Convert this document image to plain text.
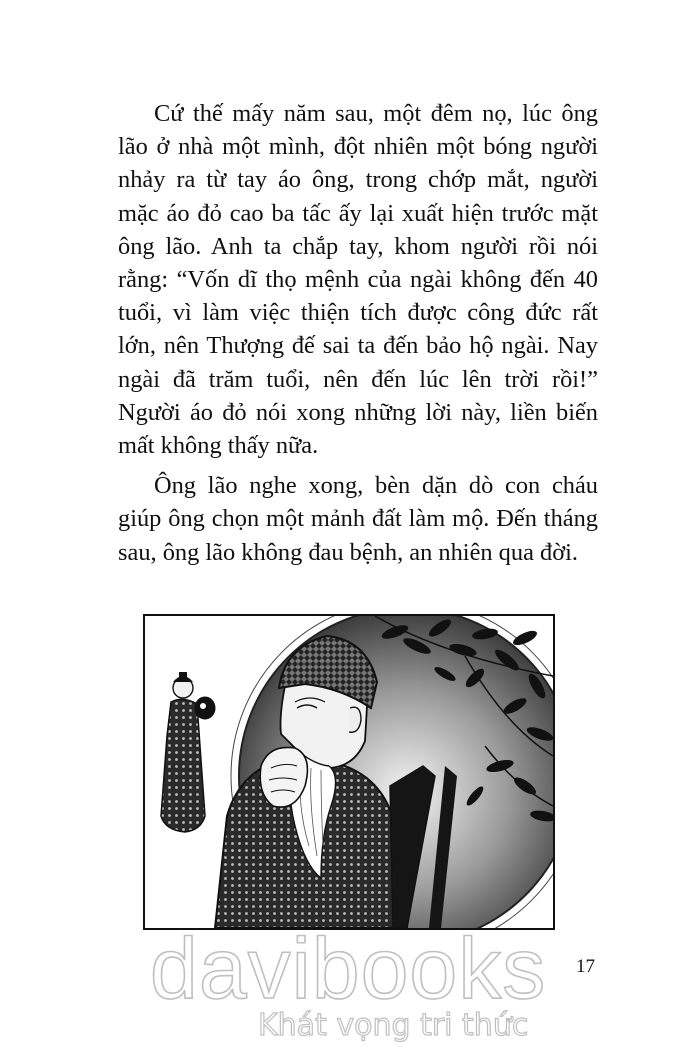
Cứ thế mấy năm sau, một đêm nọ, lúc ông lão ở nhà một mình, đột nhiên một bóng người nhảy ra từ tay áo ông, trong chớp mắt, người mặc áo đỏ cao ba tấc ấy lại xuất hiện trước mặt ông lão. Anh ta chắp tay, khom người rồi nói rằng: “Vốn dĩ thọ mệnh của ngài không đến 40 tuổi, vì làm việc thiện tích được công đức rất lớn, nên Thượng đế sai ta đến bảo hộ ngài. Nay ngài đã trăm tuổi, nên đến lúc lên trời rồi!” Người áo đỏ nói xong những lời này, liền biến mất không thấy nữa.

Ông lão nghe xong, bèn dặn dò con cháu giúp ông chọn một mảnh đất làm mộ. Đến tháng sau, ông lão không đau bệnh, an nhiên qua đời.

17
davibooks
Khát vọng tri thức
